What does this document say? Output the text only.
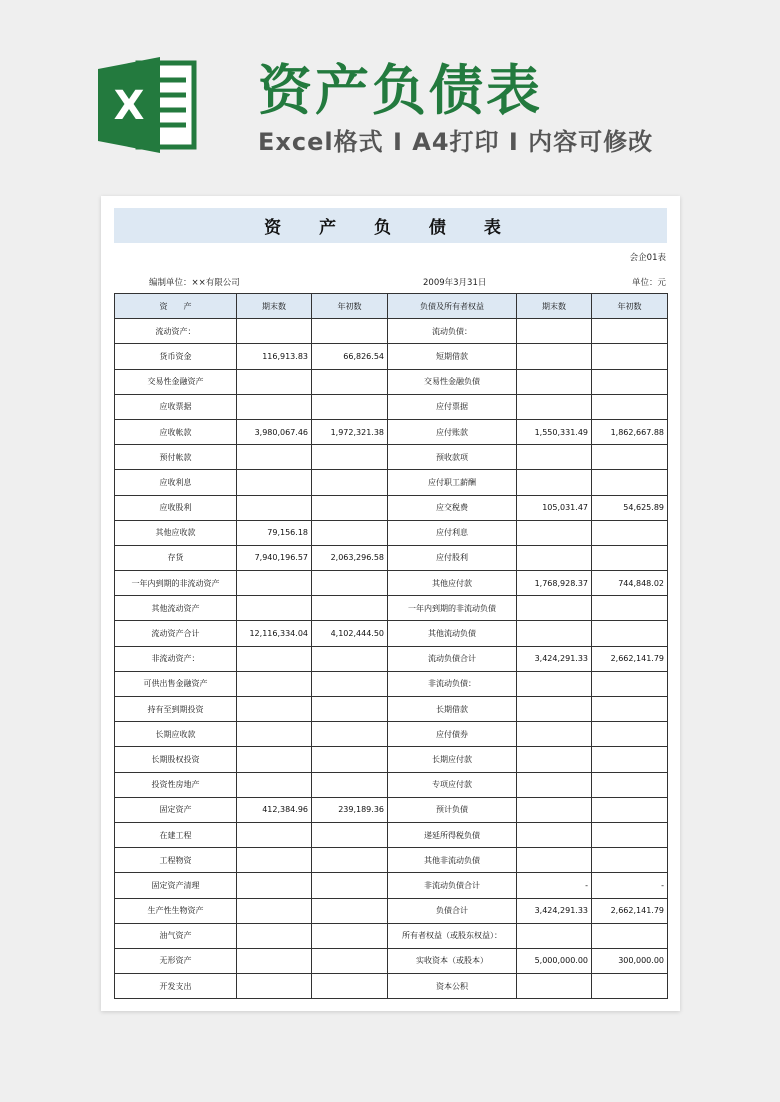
X 资产负债表
Excel格式 I A4打印 I 内容可修改
资 产 负 债 表
会企01表
编制单位：××有限公司	2009年3月31日	单位：元
资　　产	期末数	年初数	负债及所有者权益	期末数	年初数
流动资产：			流动负债：		
货币资金	116,913.83	66,826.54	短期借款		
交易性金融资产			交易性金融负债		
应收票据			应付票据		
应收帐款	3,980,067.46	1,972,321.38	应付账款	1,550,331.49	1,862,667.88
预付帐款			预收款项		
应收利息			应付职工薪酬		
应收股利			应交税费	105,031.47	54,625.89
其他应收款	79,156.18		应付利息		
存货	7,940,196.57	2,063,296.58	应付股利		
一年内到期的非流动资产			其他应付款	1,768,928.37	744,848.02
其他流动资产			一年内到期的非流动负债		
流动资产合计	12,116,334.04	4,102,444.50	其他流动负债		
非流动资产：			流动负债合计	3,424,291.33	2,662,141.79
可供出售金融资产			非流动负债：		
持有至到期投资			长期借款		
长期应收款			应付债券		
长期股权投资			长期应付款		
投资性房地产			专项应付款		
固定资产	412,384.96	239,189.36	预计负债		
在建工程			递延所得税负债		
工程物资			其他非流动负债		
固定资产清理			非流动负债合计	-	-
生产性生物资产			负债合计	3,424,291.33	2,662,141.79
油气资产			所有者权益（或股东权益）：		
无形资产			实收资本（或股本）	5,000,000.00	300,000.00
开发支出			资本公积		
